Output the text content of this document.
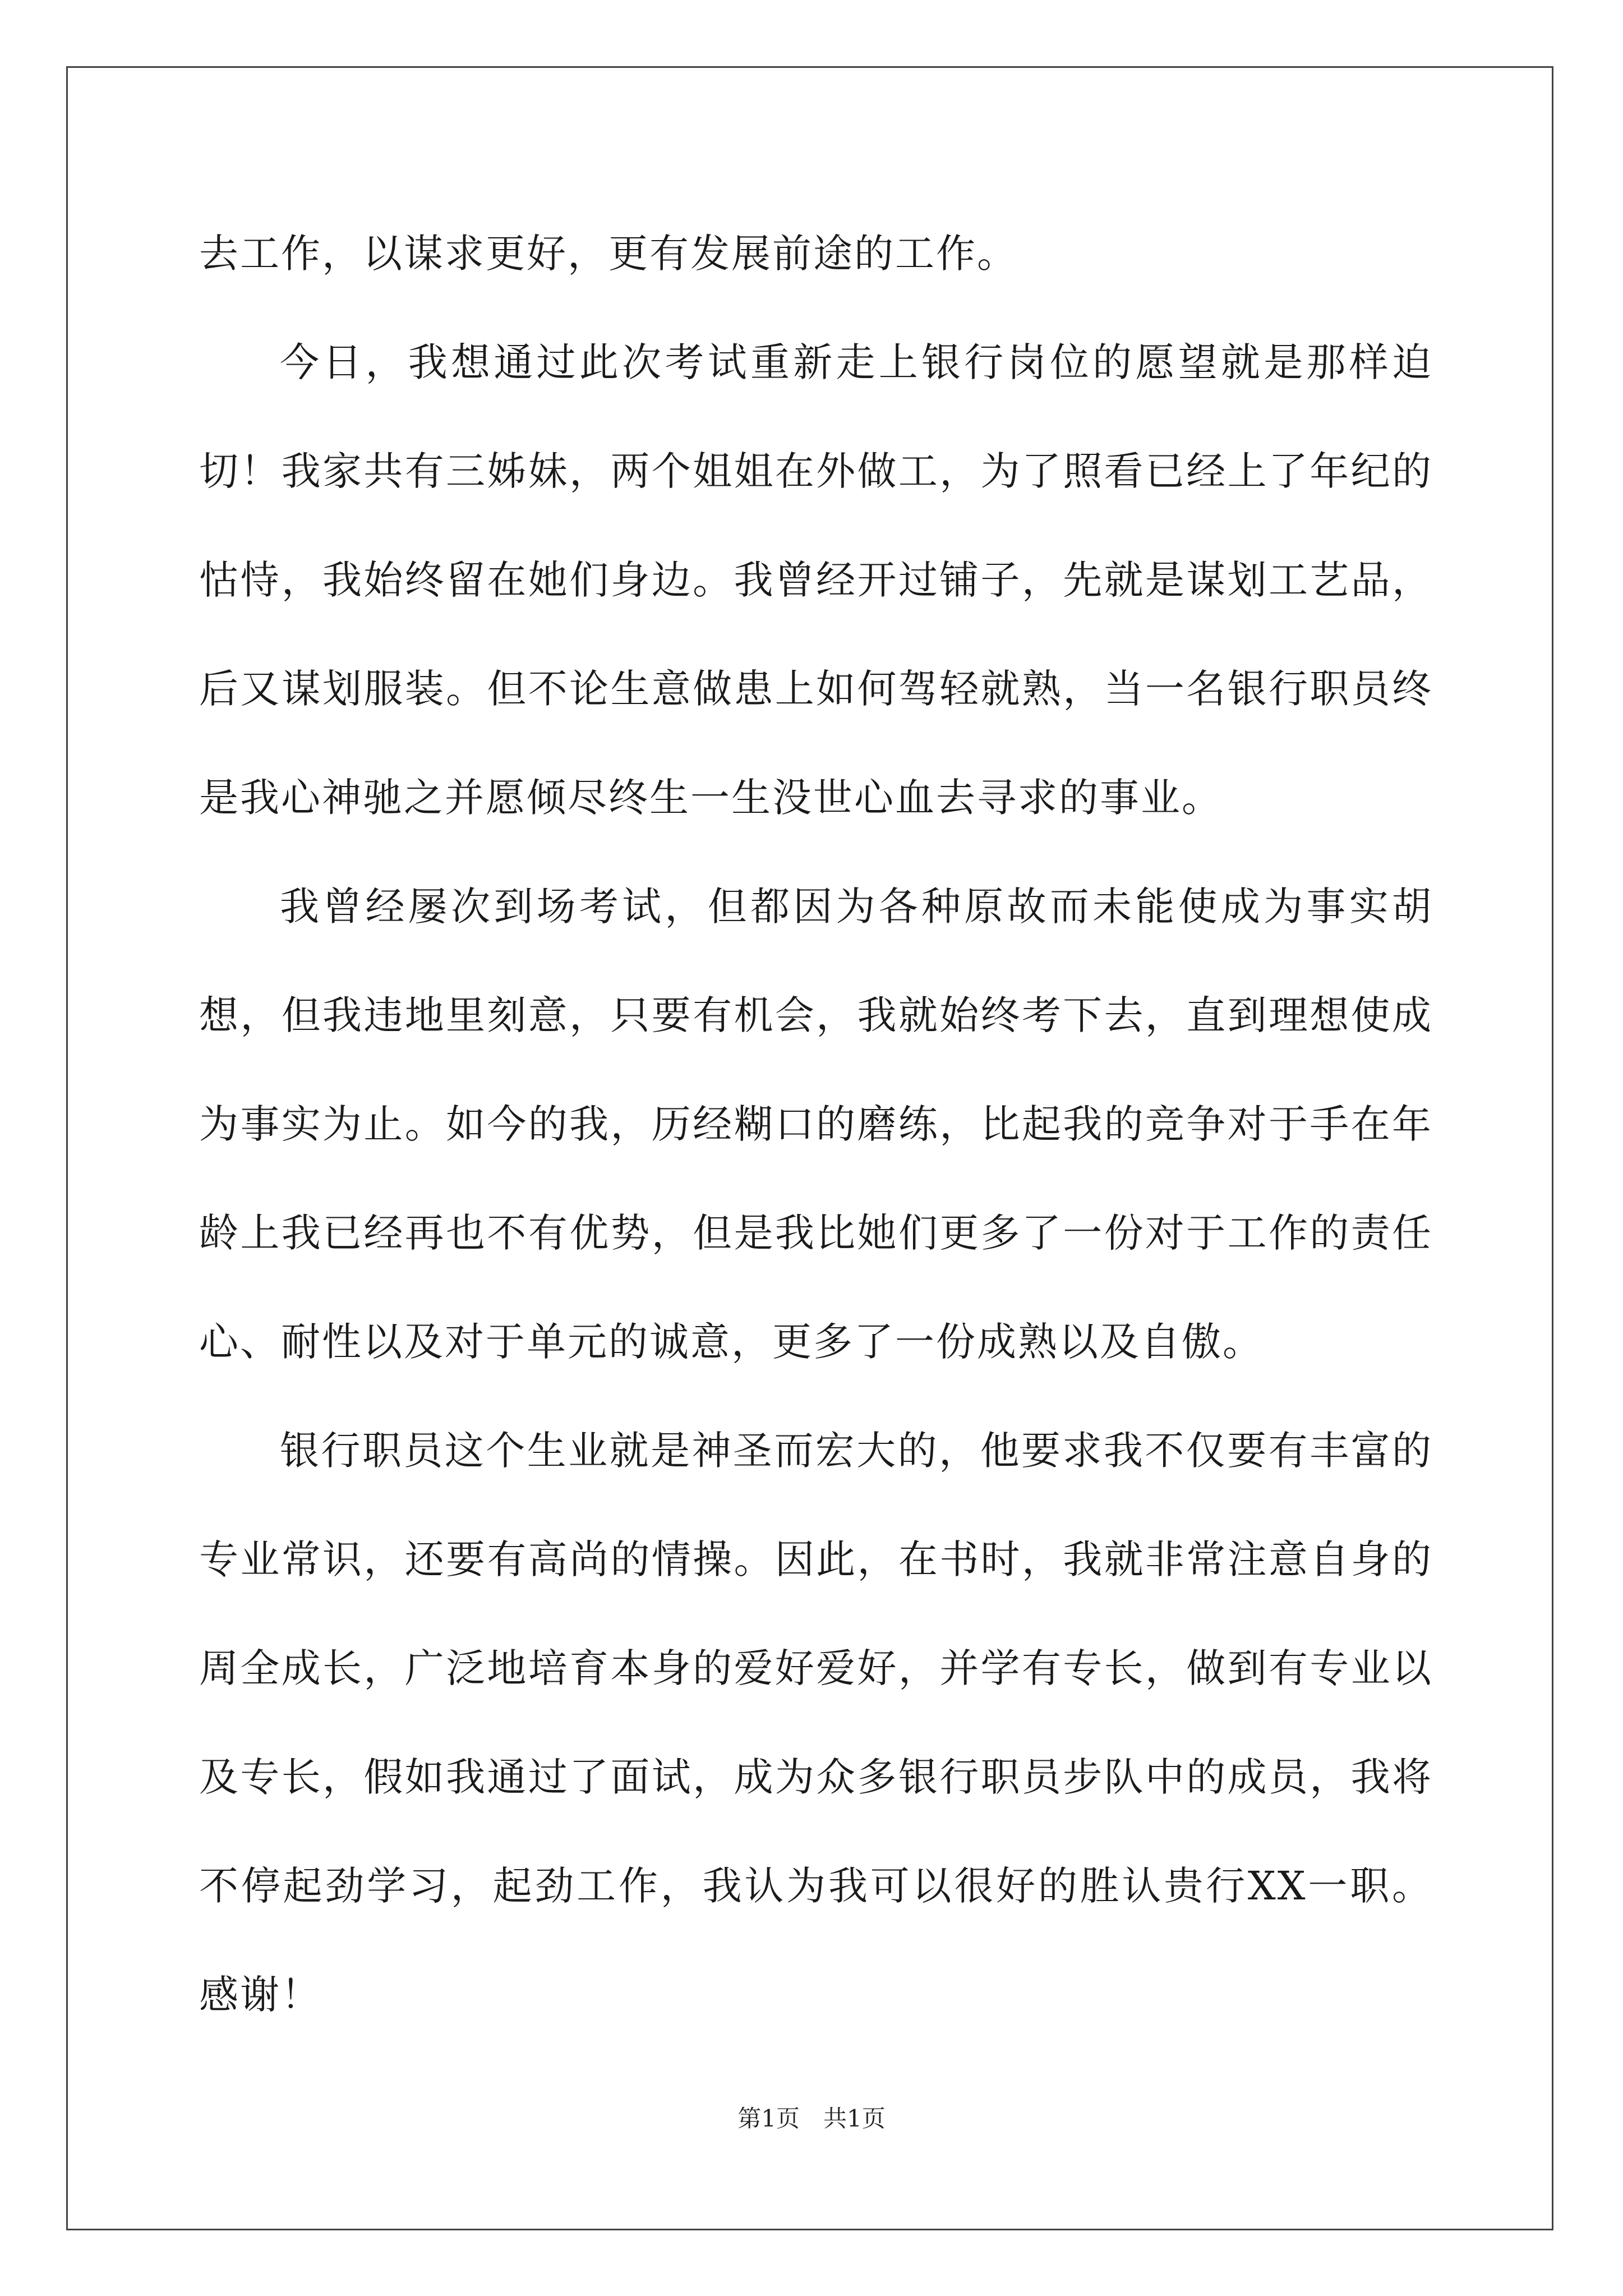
去工作，以谋求更好，更有发展前途的工作。

今日，我想通过此次考试重新走上银行岗位的愿望就是那样迫切！我家共有三姊妹，两个姐姐在外做工，为了照看已经上了年纪的怙恃，我始终留在她们身边。我曾经开过铺子，先就是谋划工艺品，后又谋划服装。但不论生意做患上如何驾轻就熟，当一名银行职员终是我心神驰之并愿倾尽终生一生没世心血去寻求的事业。

我曾经屡次到场考试，但都因为各种原故而未能使成为事实胡想，但我违地里刻意，只要有机会，我就始终考下去，直到理想使成为事实为止。如今的我，历经糊口的磨练，比起我的竞争对于手在年龄上我已经再也不有优势，但是我比她们更多了一份对于工作的责任心、耐性以及对于单元的诚意，更多了一份成熟以及自傲。

银行职员这个生业就是神圣而宏大的，他要求我不仅要有丰富的专业常识，还要有高尚的情操。因此，在书时，我就非常注意自身的周全成长，广泛地培育本身的爱好爱好，并学有专长，做到有专业以及专长，假如我通过了面试，成为众多银行职员步队中的成员，我将不停起劲学习，起劲工作，我认为我可以很好的胜认贵行XX一职。感谢！

第1页　共1页
